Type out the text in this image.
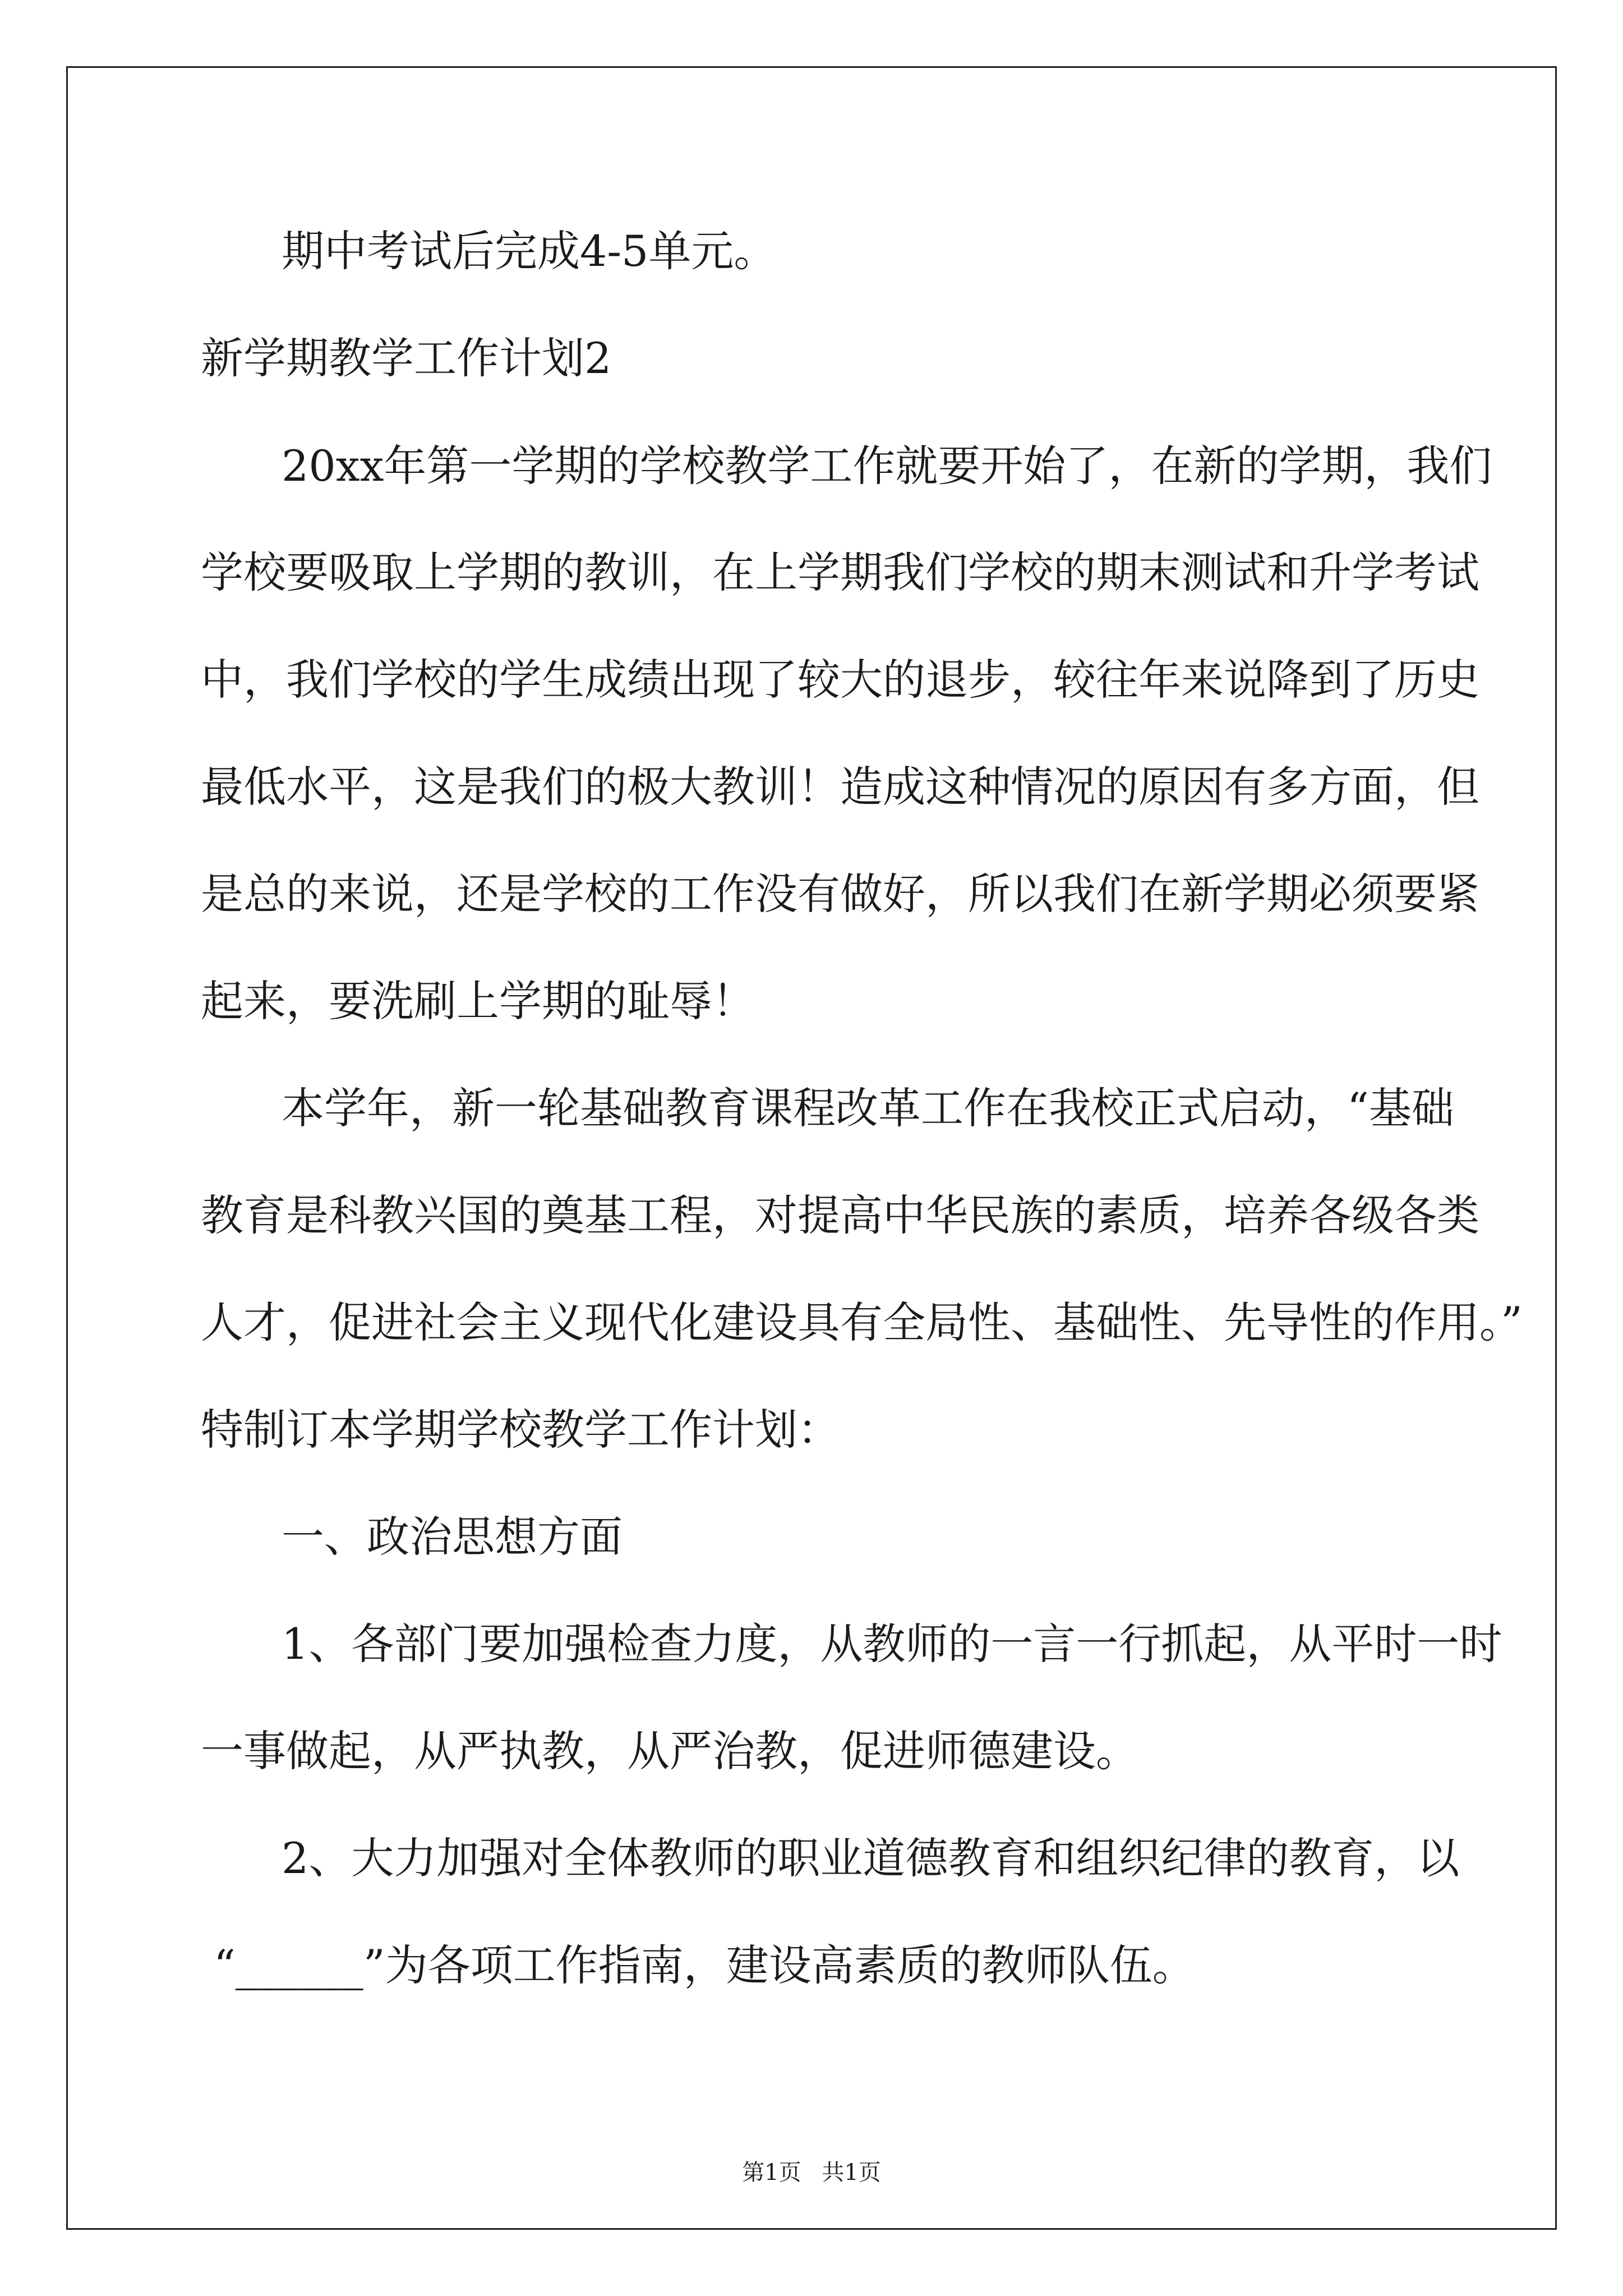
期中考试后完成4-5单元。

新学期教学工作计划2

20xx年第一学期的学校教学工作就要开始了，在新的学期，我们

学校要吸取上学期的教训，在上学期我们学校的期末测试和升学考试

中，我们学校的学生成绩出现了较大的退步，较往年来说降到了历史

最低水平，这是我们的极大教训！造成这种情况的原因有多方面，但

是总的来说，还是学校的工作没有做好，所以我们在新学期必须要紧

起来，要洗刷上学期的耻辱！

本学年，新一轮基础教育课程改革工作在我校正式启动，“基础

教育是科教兴国的奠基工程，对提高中华民族的素质，培养各级各类

人才，促进社会主义现代化建设具有全局性、基础性、先导性的作用。”

特制订本学期学校教学工作计划：

一、政治思想方面

1、各部门要加强检查力度，从教师的一言一行抓起，从平时一时

一事做起，从严执教，从严治教，促进师德建设。

2、大力加强对全体教师的职业道德教育和组织纪律的教育，以

“______”为各项工作指南，建设高素质的教师队伍。

第1页 共1页
